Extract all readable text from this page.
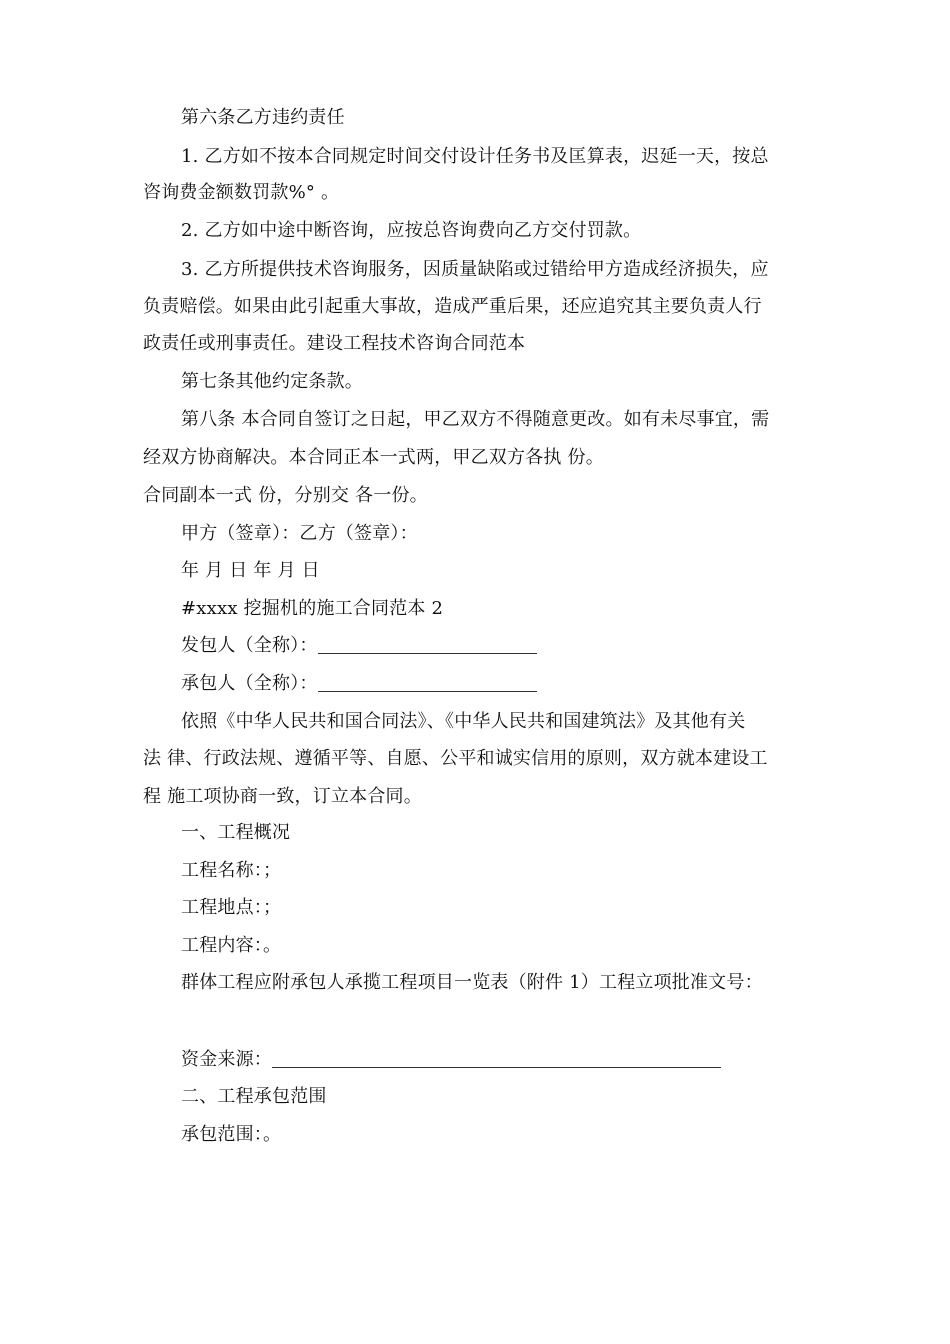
第六条乙方违约责任
1. 乙方如不按本合同规定时间交付设计任务书及匡算表，迟延一天，按总
咨询费金额数罚款%° 。
2. 乙方如中途中断咨询，应按总咨询费向乙方交付罚款。
3. 乙方所提供技术咨询服务，因质量缺陷或过错给甲方造成经济损失，应
负责赔偿。如果由此引起重大事故，造成严重后果，还应追究其主要负责人行
政责任或刑事责任。建设工程技术咨询合同范本
第七条其他约定条款。
第八条 本合同自签订之日起，甲乙双方不得随意更改。如有未尽事宜，需
经双方协商解决。本合同正本一式两，甲乙双方各执 份。
合同副本一式 份，分别交 各一份。
甲方（签章）：乙方（签章）：
年 月 日 年 月 日
#xxxx 挖掘机的施工合同范本 2
发包人（全称）：
承包人（全称）：
依照《中华人民共和国合同法》、《中华人民共和国建筑法》及其他有关
法 律、行政法规、遵循平等、自愿、公平和诚实信用的原则，双方就本建设工
程 施工项协商一致，订立本合同。
一、工程概况
工程名称：；
工程地点：；
工程内容：。
群体工程应附承包人承揽工程项目一览表（附件 1）工程立项批准文号：
资金来源：
二、工程承包范围
承包范围：。
